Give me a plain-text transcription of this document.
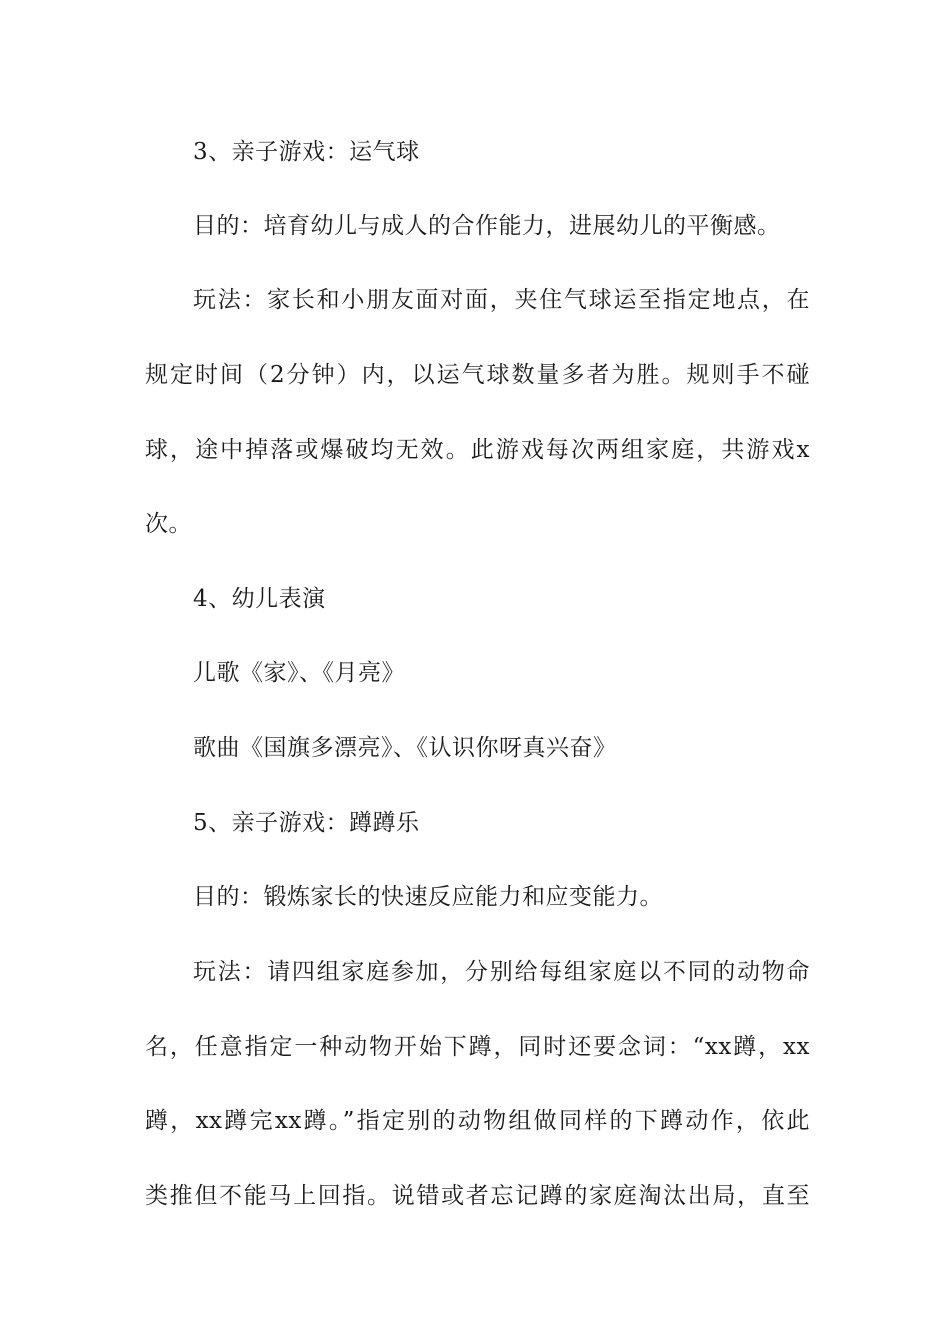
3、亲子游戏：运气球
目的：培育幼儿与成人的合作能力，进展幼儿的平衡感。
玩法：家长和小朋友面对面，夹住气球运至指定地点，在
规定时间（2分钟）内，以运气球数量多者为胜。规则手不碰
球，途中掉落或爆破均无效。此游戏每次两组家庭，共游戏x
次。
4、幼儿表演
儿歌《家》、《月亮》
歌曲《国旗多漂亮》、《认识你呀真兴奋》
5、亲子游戏：蹲蹲乐
目的：锻炼家长的快速反应能力和应变能力。
玩法：请四组家庭参加，分别给每组家庭以不同的动物命
名，任意指定一种动物开始下蹲，同时还要念词：“xx蹲，xx
蹲，xx蹲完xx蹲。”指定别的动物组做同样的下蹲动作，依此
类推但不能马上回指。说错或者忘记蹲的家庭淘汰出局，直至
